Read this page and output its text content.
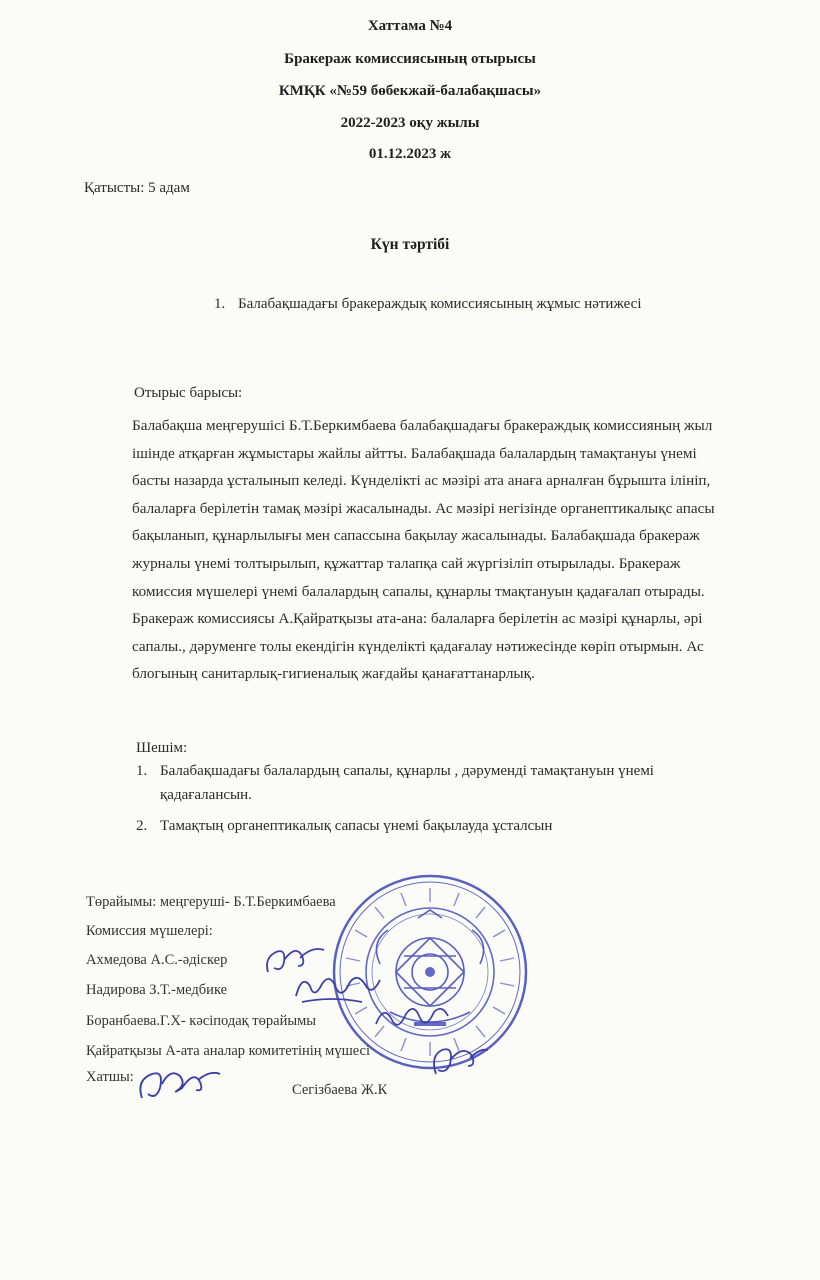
Хаттама №4
Бракераж комиссиясының отырысы
КМҚК «№59 бөбекжай-балабақшасы»
2022-2023 оқу жылы
01.12.2023 ж
Қатысты: 5 адам
Күн тәртібі
1. Балабақшадағы бракераждық комиссиясының жұмыс нәтижесі
Отырыс барысы:
Балабақша меңгерушісі Б.Т.Беркимбаева балабақшадағы бракераждық комиссияның жыл
ішінде атқарған жұмыстары жайлы айтты. Балабақшада балалардың тамақтануы үнемі
басты назарда ұсталынып келеді. Күнделікті ас мәзірі ата анаға арналған бұрышта ілініп,
балаларға берілетін тамақ мәзірі жасалынады. Ас мәзірі негізінде органептикалықс апасы
бақыланып, құнарлылығы мен сапассына бақылау жасалынады. Балабақшада бракераж
журналы үнемі толтырылып, құжаттар талапқа сай жүргізіліп отырылады. Бракераж
комиссия мүшелері үнемі балалардың сапалы, құнарлы тмақтануын қадағалап отырады.
Бракераж комиссиясы А.Қайратқызы ата-ана: балаларға берілетін ас мәзірі құнарлы, әрі
сапалы., дәруменге толы екендігін күнделікті қадағалау нәтижесінде көріп отырмын. Ас
блогының санитарлық-гигиеналық жағдайы қанағаттанарлық.
Шешім:
1. Балабақшадағы балалардың сапалы, құнарлы , дәруменді тамақтануын үнемі
қадағалансын.
2. Тамақтың органептикалық сапасы үнемі бақылауда ұсталсын
Төрайымы: меңгеруші- Б.Т.Беркимбаева
Комиссия мүшелері:
Ахмедова А.С.-әдіскер
Надирова З.Т.-медбике
Боранбаева.Г.Х- кәсіподақ төрайымы
Қайратқызы А-ата аналар комитетінің мүшесі
Хатшы:
Сегізбаева Ж.К
